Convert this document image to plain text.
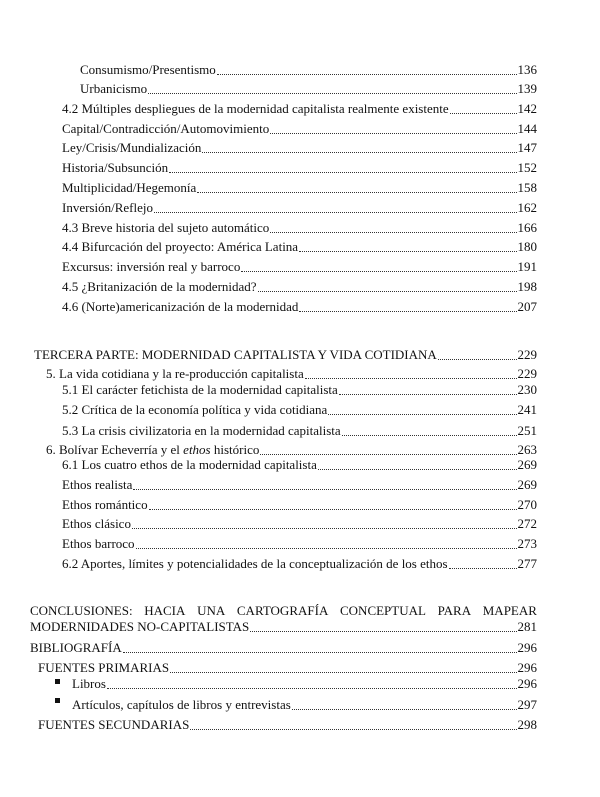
Consumismo/Presentismo	136
Urbanicismo	139
4.2 Múltiples despliegues de la modernidad capitalista realmente existente	142
Capital/Contradicción/Automovimiento	144
Ley/Crisis/Mundialización	147
Historia/Subsunción	152
Multiplicidad/Hegemonía	158
Inversión/Reflejo	162
4.3 Breve historia del sujeto automático	166
4.4 Bifurcación del proyecto: América Latina	180
Excursus: inversión real y barroco	191
4.5 ¿Britanización de la modernidad?	198
4.6 (Norte)americanización de la modernidad	207
TERCERA PARTE: MODERNIDAD CAPITALISTA Y VIDA COTIDIANA	229
5. La vida cotidiana y la re-producción capitalista	229
5.1 El carácter fetichista de la modernidad capitalista	230
5.2 Crítica de la economía política y vida cotidiana	241
5.3 La crisis civilizatoria en la modernidad capitalista	251
6. Bolívar Echeverría y el ethos histórico	263
6.1 Los cuatro ethos de la modernidad capitalista	269
Ethos realista	269
Ethos romántico	270
Ethos clásico	272
Ethos barroco	273
6.2 Aportes, límites y potencialidades de la conceptualización de los ethos	277
CONCLUSIONES: HACIA UNA CARTOGRAFÍA CONCEPTUAL PARA MAPEAR
MODERNIDADES NO-CAPITALISTAS	281
BIBLIOGRAFÍA	296
FUENTES PRIMARIAS	296
Libros	296
Artículos, capítulos de libros y entrevistas	297
FUENTES SECUNDARIAS	298
